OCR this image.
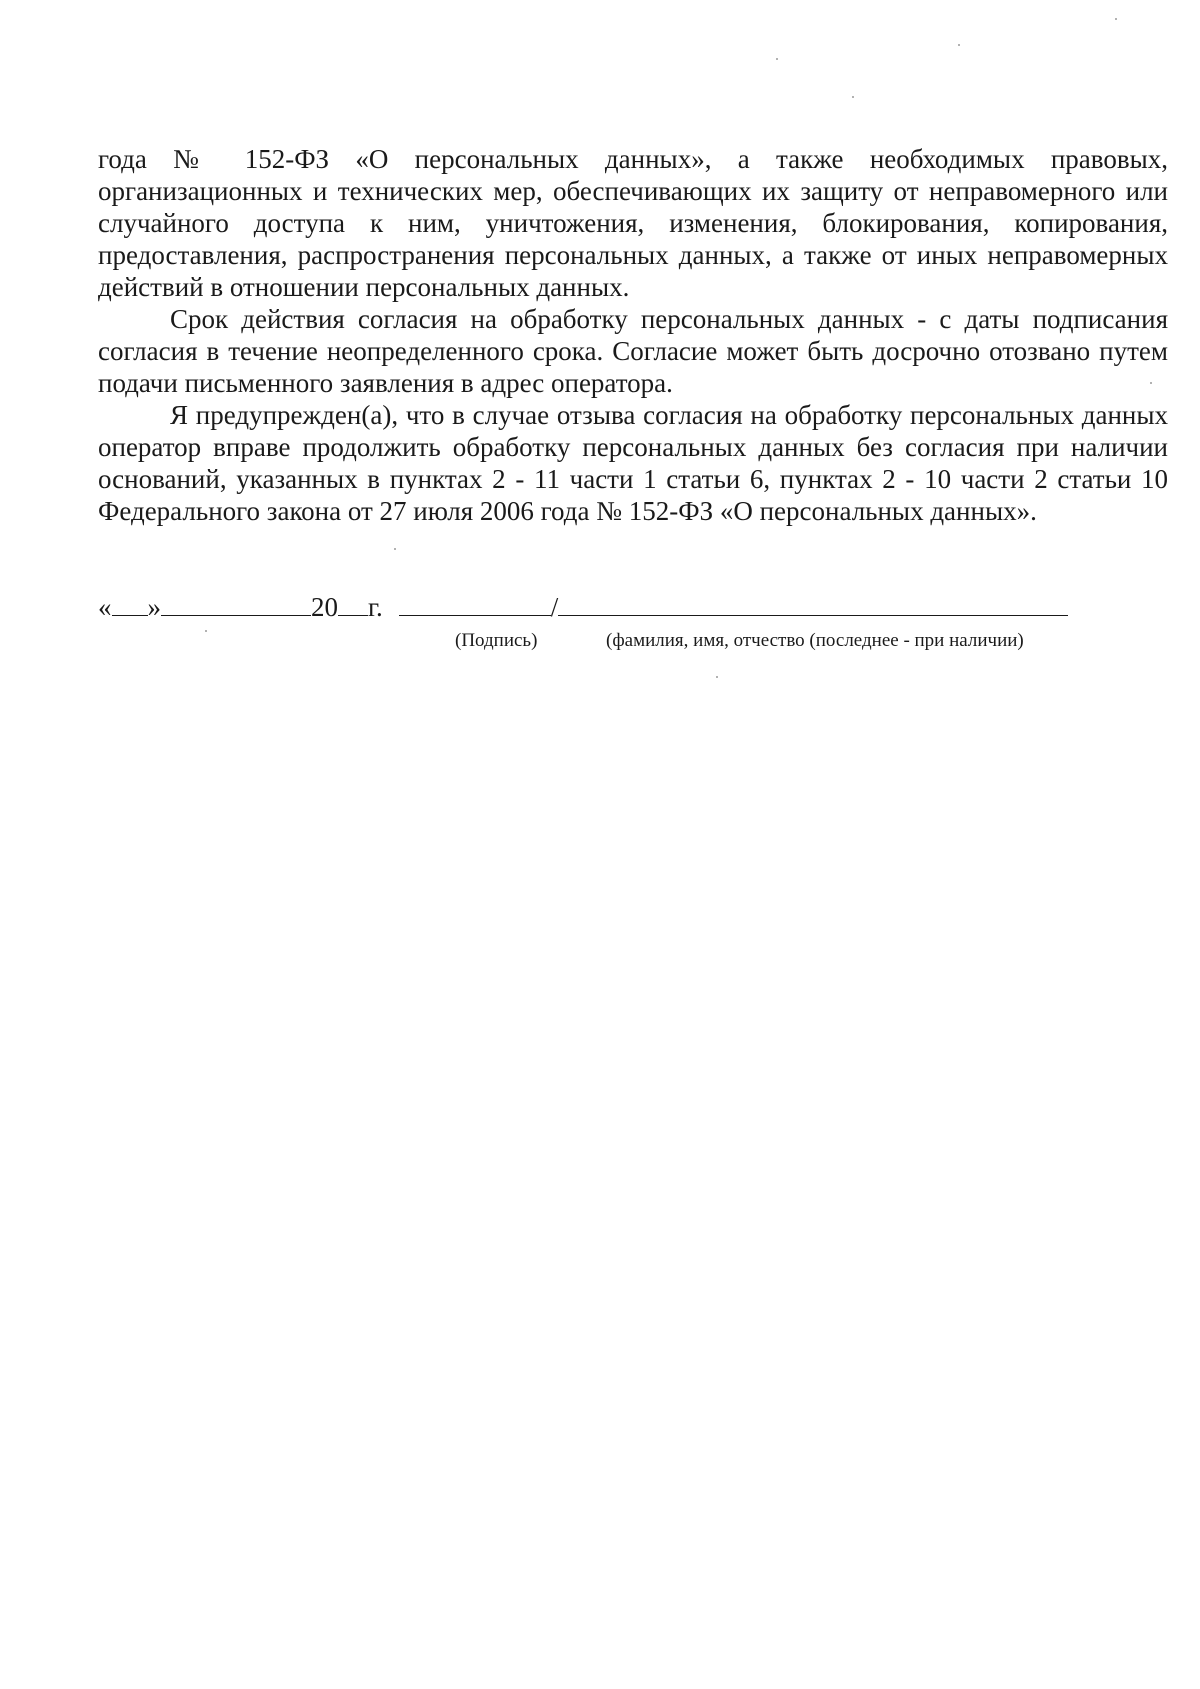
года № 152-ФЗ «О персональных данных», а также необходимых правовых, организационных и технических мер, обеспечивающих их защиту от неправомерного или случайного доступа к ним, уничтожения, изменения, блокирования, копирования, предоставления, распространения персональных данных, а также от иных неправомерных действий в отношении персональных данных.

Срок действия согласия на обработку персональных данных - с даты подписания согласия в течение неопределенного срока. Согласие может быть досрочно отозвано путем подачи письменного заявления в адрес оператора.

Я предупрежден(а), что в случае отзыва согласия на обработку персональных данных оператор вправе продолжить обработку персональных данных без согласия при наличии оснований, указанных в пунктах 2 - 11 части 1 статьи 6, пунктах 2 - 10 части 2 статьи 10 Федерального закона от 27 июля 2006 года № 152-ФЗ «О персональных данных».

« »	20 г.	/
(Подпись)	(фамилия, имя, отчество (последнее - при наличии)
